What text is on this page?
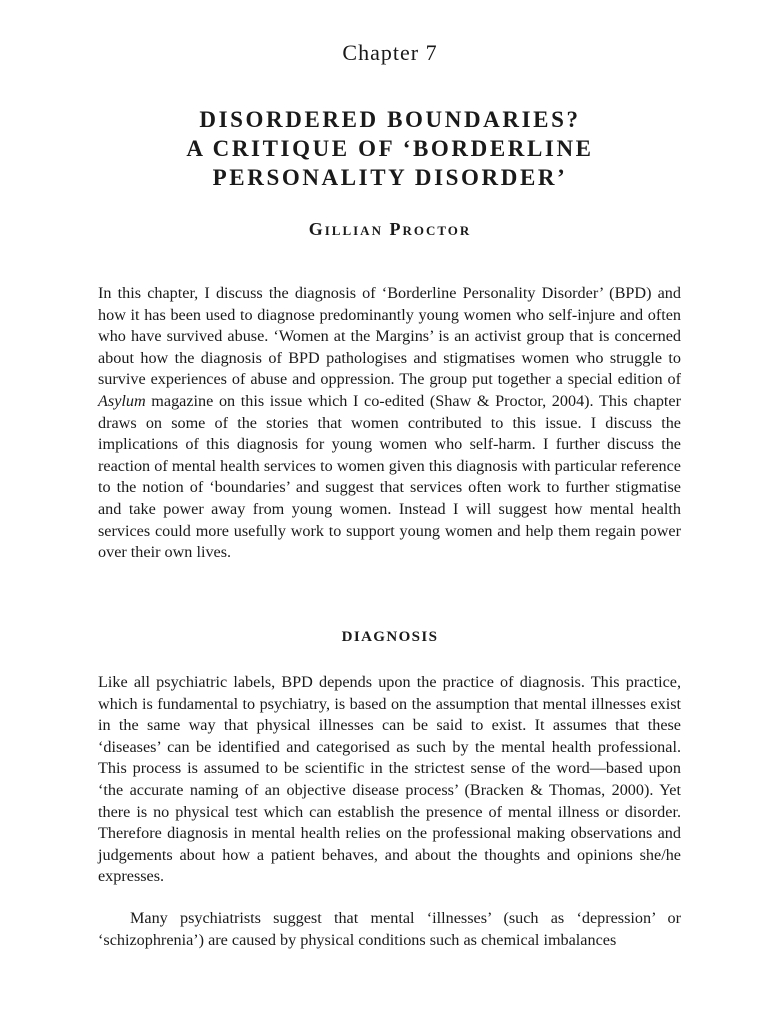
Chapter 7
DISORDERED BOUNDARIES?
A CRITIQUE OF ‘BORDERLINE
PERSONALITY DISORDER’
Gillian Proctor

In this chapter, I discuss the diagnosis of ‘Borderline Personality Disorder’ (BPD) and how it has been used to diagnose predominantly young women who self-injure and often who have survived abuse. ‘Women at the Margins’ is an activist group that is concerned about how the diagnosis of BPD pathologises and stigmatises women who struggle to survive experiences of abuse and oppression. The group put together a special edition of Asylum magazine on this issue which I co-edited (Shaw & Proctor, 2004). This chapter draws on some of the stories that women contributed to this issue. I discuss the implications of this diagnosis for young women who self-harm. I further discuss the reaction of mental health services to women given this diagnosis with particular reference to the notion of ‘boundaries’ and suggest that services often work to further stigmatise and take power away from young women. Instead I will suggest how mental health services could more usefully work to support young women and help them regain power over their own lives.

DIAGNOSIS

Like all psychiatric labels, BPD depends upon the practice of diagnosis. This practice, which is fundamental to psychiatry, is based on the assumption that mental illnesses exist in the same way that physical illnesses can be said to exist. It assumes that these ‘diseases’ can be identified and categorised as such by the mental health professional. This process is assumed to be scientific in the strictest sense of the word—based upon ‘the accurate naming of an objective disease process’ (Bracken & Thomas, 2000). Yet there is no physical test which can establish the presence of mental illness or disorder. Therefore diagnosis in mental health relies on the professional making observations and judgements about how a patient behaves, and about the thoughts and opinions she/he expresses.

Many psychiatrists suggest that mental ‘illnesses’ (such as ‘depression’ or ‘schizophrenia’) are caused by physical conditions such as chemical imbalances
